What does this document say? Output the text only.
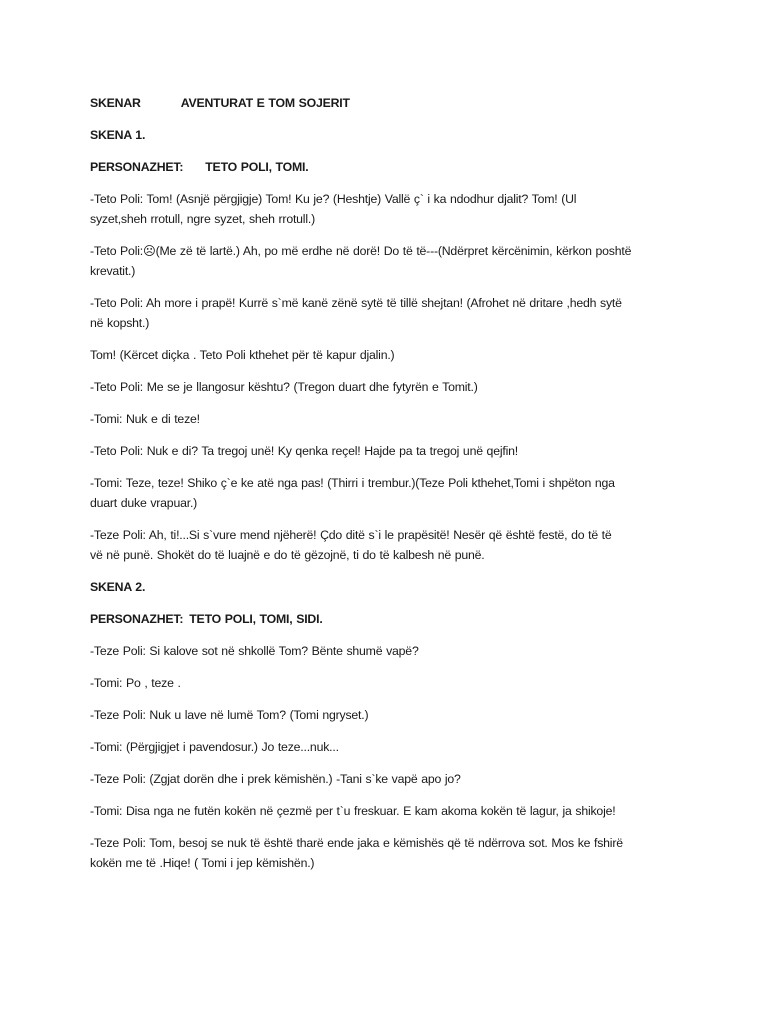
SKENAR	AVENTURAT E TOM SOJERIT

SKENA 1.

PERSONAZHET: TETO POLI, TOMI.

-Teto Poli: Tom! (Asnjë përgjigje) Tom! Ku je? (Heshtje) Vallë ç` i ka ndodhur djalit? Tom! (Ul

syzet,sheh rrotull, ngre syzet, sheh rrotull.)

-Teto Poli:☹(Me zë të lartë.) Ah, po më erdhe në dorë! Do të të---(Ndërpret kërcënimin, kërkon poshtë

krevatit.)

-Teto Poli: Ah more i prapë! Kurrë s`më kanë zënë sytë të tillë shejtan! (Afrohet në dritare ,hedh sytë

në kopsht.)

Tom! (Kërcet diçka . Teto Poli kthehet për të kapur djalin.)

-Teto Poli: Me se je llangosur kështu? (Tregon duart dhe fytyrën e Tomit.)

-Tomi: Nuk e di teze!

-Teto Poli: Nuk e di? Ta tregoj unë! Ky qenka reçel! Hajde pa ta tregoj unë qejfin!

-Tomi: Teze, teze! Shiko ç`e ke atë nga pas! (Thirri i trembur.)(Teze Poli kthehet,Tomi i shpëton nga

duart duke vrapuar.)

-Teze Poli: Ah, ti!...Si s`vure mend njëherë! Çdo ditë s`i le prapësitë! Nesër që është festë, do të të

vë në punë. Shokët do të luajnë e do të gëzojnë, ti do të kalbesh në punë.

SKENA 2.

PERSONAZHET: TETO POLI, TOMI, SIDI.

-Teze Poli: Si kalove sot në shkollë Tom? Bënte shumë vapë?

-Tomi: Po , teze .

-Teze Poli: Nuk u lave në lumë Tom? (Tomi ngryset.)

-Tomi: (Përgjigjet i pavendosur.) Jo teze...nuk...

-Teze Poli: (Zgjat dorën dhe i prek këmishën.) -Tani s`ke vapë apo jo?

-Tomi: Disa nga ne futën kokën në çezmë per t`u freskuar. E kam akoma kokën të lagur, ja shikoje!

-Teze Poli: Tom, besoj se nuk të është tharë ende jaka e këmishës që të ndërrova sot. Mos ke fshirë

kokën me të .Hiqe! ( Tomi i jep këmishën.)
